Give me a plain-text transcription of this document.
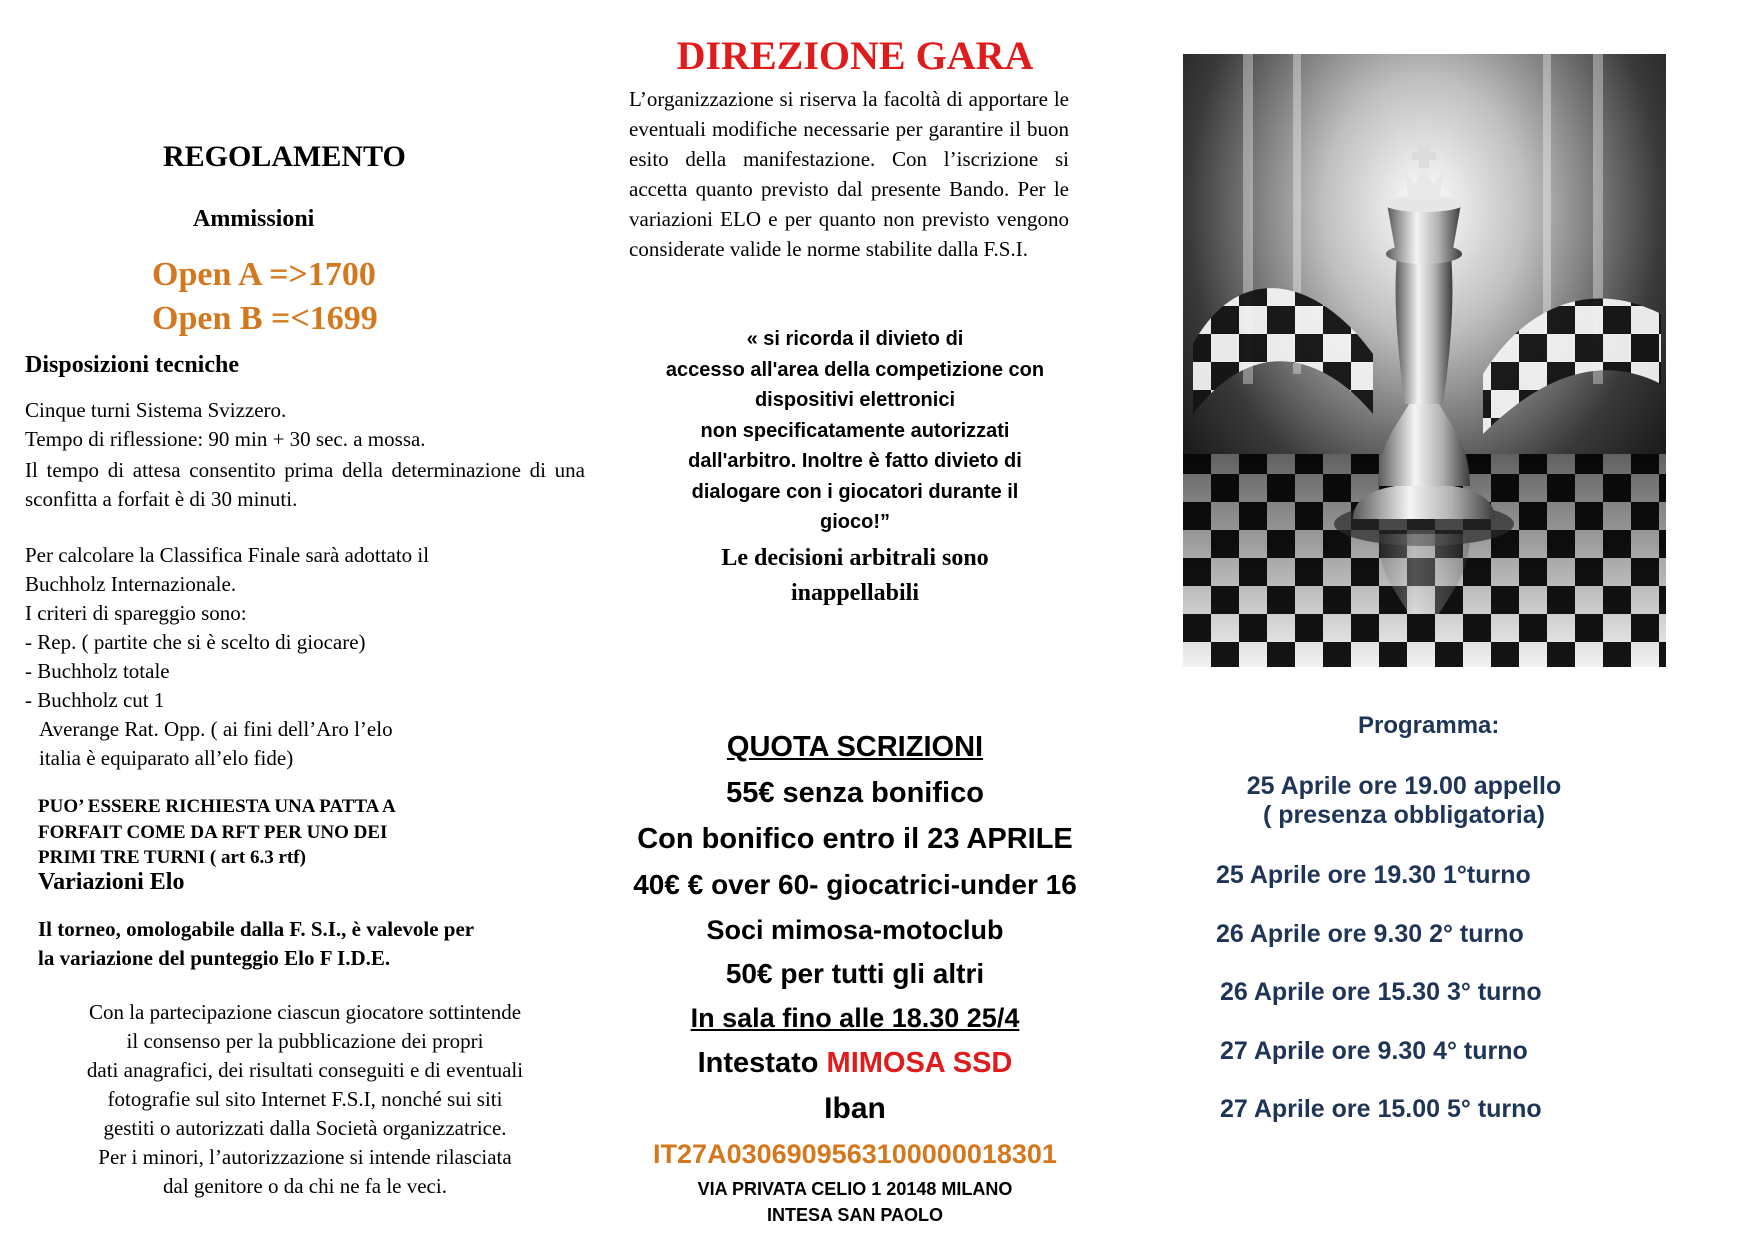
REGOLAMENTO
Ammissioni
Open A =>1700
Open B =<1699
Disposizioni tecniche
Cinque turni Sistema Svizzero.
Tempo di riflessione: 90 min + 30 sec. a mossa.
Il tempo di attesa consentito prima della determinazione di una sconfitta a forfait è di 30 minuti.
Per calcolare la Classifica Finale sarà adottato il
Buchholz Internazionale.
I criteri di spareggio sono:
- Rep. ( partite che si è scelto di giocare)
- Buchholz totale
- Buchholz cut 1
Averange Rat. Opp. ( ai fini dell’Aro l’elo
italia è equiparato all’elo fide)
PUO’ ESSERE RICHIESTA UNA PATTA A
FORFAIT COME DA RFT PER UNO DEI
PRIMI TRE TURNI ( art 6.3 rtf)
Variazioni Elo
Il torneo, omologabile dalla F. S.I., è valevole per
la variazione del punteggio Elo F I.D.E.
Con la partecipazione ciascun giocatore sottintende
il consenso per la pubblicazione dei propri
dati anagrafici, dei risultati conseguiti e di eventuali
fotografie sul sito Internet F.S.I, nonché sui siti
gestiti o autorizzati dalla Società organizzatrice.
Per i minori, l’autorizzazione si intende rilasciata
dal genitore o da chi ne fa le veci.
DIREZIONE GARA
L’organizzazione si riserva la facoltà di apportare le eventuali modifiche necessarie per garantire il buon esito della manifestazione. Con l’iscrizione si accetta quanto previsto dal presente Bando. Per le variazioni ELO e per quanto non previsto vengono considerate valide le norme stabilite dalla F.S.I.
« si ricorda il divieto di
accesso all'area della competizione con
dispositivi elettronici
non specificatamente autorizzati
dall'arbitro. Inoltre è fatto divieto di
dialogare con i giocatori durante il
gioco!”
Le decisioni arbitrali sono
inappellabili
QUOTA SCRIZIONI
55€ senza bonifico
Con bonifico entro il 23 APRILE
40€ € over 60- giocatrici-under 16
Soci mimosa-motoclub
50€ per tutti gli altri
In sala fino alle 18.30 25/4
Intestato MIMOSA SSD
Iban
IT27A0306909563100000018301
VIA PRIVATA CELIO 1 20148 MILANO
INTESA SAN PAOLO
Programma:
25 Aprile ore 19.00 appello
( presenza obbligatoria)
25 Aprile ore 19.30 1°turno
26 Aprile ore 9.30 2° turno
26 Aprile ore 15.30 3° turno
27 Aprile ore 9.30 4° turno
27 Aprile ore 15.00 5° turno
